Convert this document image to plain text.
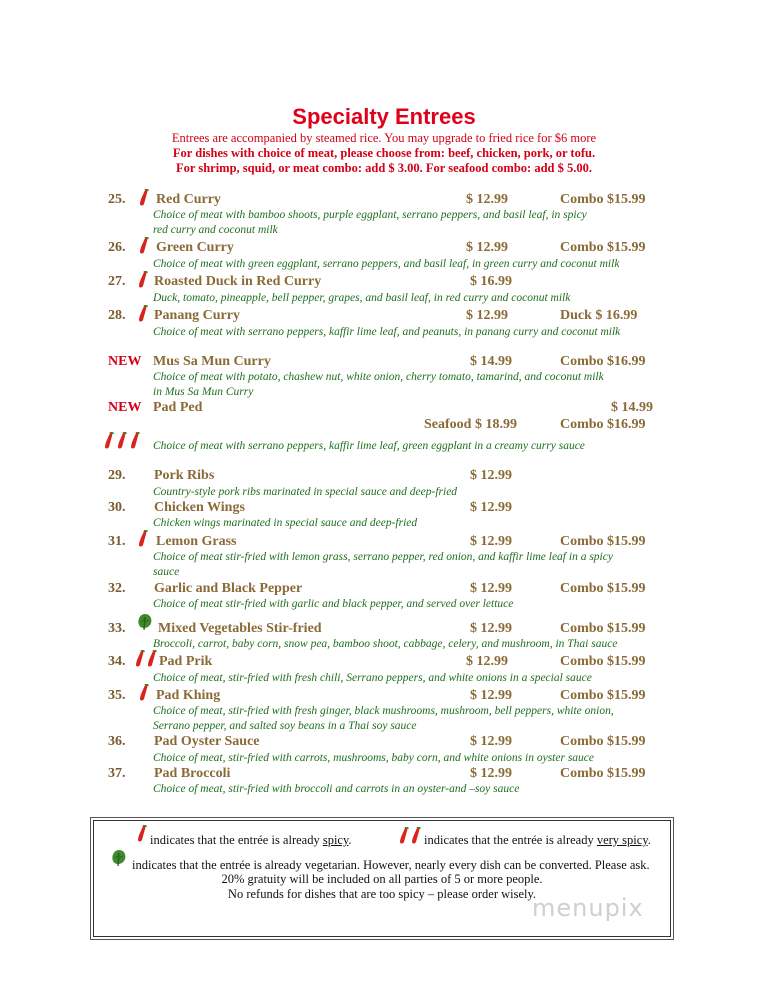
Specialty Entrees
Entrees are accompanied by steamed rice. You may upgrade to fried rice for $6 more
For dishes with choice of meat, please choose from: beef, chicken, pork, or tofu.
For shrimp, squid, or meat combo: add $ 3.00. For seafood combo: add $ 5.00.
25. Red Curry	$ 12.99	Combo $15.99
Choice of meat with bamboo shoots, purple eggplant, serrano peppers, and basil leaf, in spicy
red curry and coconut milk
26. Green Curry	$ 12.99	Combo $15.99
Choice of meat with green eggplant, serrano peppers, and basil leaf, in green curry and coconut milk
27. Roasted Duck in Red Curry	$ 16.99
Duck, tomato, pineapple, bell pepper, grapes, and basil leaf, in red curry and coconut milk
28. Panang Curry	$ 12.99	Duck $ 16.99
Choice of meat with serrano peppers, kaffir lime leaf, and peanuts, in panang curry and coconut milk
NEW Mus Sa Mun Curry	$ 14.99	Combo $16.99
Choice of meat with potato, chashew nut, white onion, cherry tomato, tamarind, and coconut milk
in Mus Sa Mun Curry
NEW Pad Ped	$ 14.99
Seafood $ 18.99	Combo $16.99
Choice of meat with serrano peppers, kaffir lime leaf, green eggplant in a creamy curry sauce
29. Pork Ribs	$ 12.99
Country-style pork ribs marinated in special sauce and deep-fried
30. Chicken Wings	$ 12.99
Chicken wings marinated in special sauce and deep-fried
31. Lemon Grass	$ 12.99	Combo $15.99
Choice of meat stir-fried with lemon grass, serrano pepper, red onion, and kaffir lime leaf in a spicy
sauce
32. Garlic and Black Pepper	$ 12.99	Combo $15.99
Choice of meat stir-fried with garlic and black pepper, and served over lettuce
33. Mixed Vegetables Stir-fried	$ 12.99	Combo $15.99
Broccoli, carrot, baby corn, snow pea, bamboo shoot, cabbage, celery, and mushroom, in Thai sauce
34. Pad Prik	$ 12.99	Combo $15.99
Choice of meat, stir-fried with fresh chili, Serrano peppers, and white onions in a special sauce
35. Pad Khing	$ 12.99	Combo $15.99
Choice of meat, stir-fried with fresh ginger, black mushrooms, mushroom, bell peppers, white onion,
Serrano pepper, and salted soy beans in a Thai soy sauce
36. Pad Oyster Sauce	$ 12.99	Combo $15.99
Choice of meat, stir-fried with carrots, mushrooms, baby corn, and white onions in oyster sauce
37. Pad Broccoli	$ 12.99	Combo $15.99
Choice of meat, stir-fried with broccoli and carrots in an oyster-and –soy sauce
indicates that the entrée is already spicy.	indicates that the entrée is already very spicy.
indicates that the entrée is already vegetarian. However, nearly every dish can be converted. Please ask.
20% gratuity will be included on all parties of 5 or more people.
No refunds for dishes that are too spicy – please order wisely.
menupix
